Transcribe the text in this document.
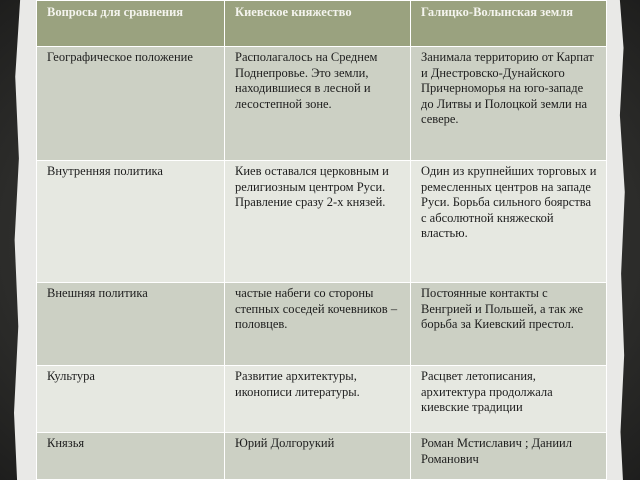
Вопросы для сравнения	Киевское княжество	Галицко-Волынская земля
Географическое положение	Располагалось на Среднем Поднепровье. Это земли, находившиеся в лесной и лесостепной зоне.	Занимала территорию от Карпат и Днестровско-Дунайского Причерноморья на юго-западе до Литвы и Полоцкой земли на севере.
Внутренняя политика	Киев оставался церковным и религиозным центром Руси. Правление сразу 2-х князей.	Один из крупнейших торговых и ремесленных центров на западе Руси. Борьба сильного боярства с абсолютной княжеской властью.
Внешняя политика	частые набеги со стороны степных соседей кочевников – половцев.	Постоянные контакты с Венгрией и Польшей, а так же борьба за Киевский престол.
Культура	Развитие архитектуры, иконописи литературы.	Расцвет летописания, архитектура продолжала киевские традиции
Князья	Юрий Долгорукий	Роман Мстиславич ; Даниил Романович
